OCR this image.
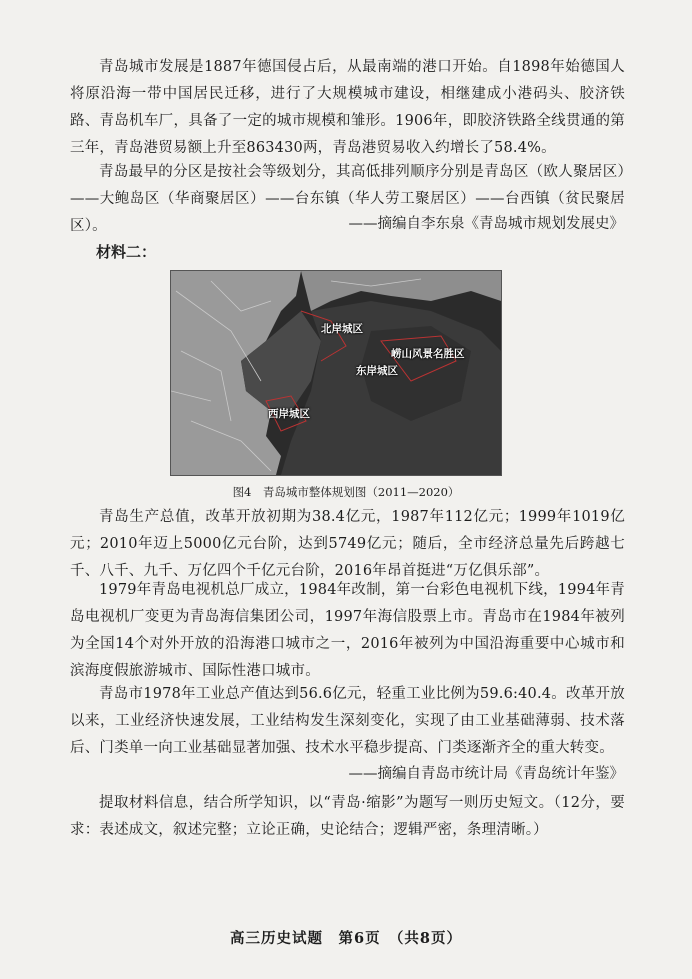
青岛城市发展是1887年德国侵占后，从最南端的港口开始。自1898年始德国人将原沿海一带中国居民迁移，进行了大规模城市建设，相继建成小港码头、胶济铁路、青岛机车厂，具备了一定的城市规模和雏形。1906年，即胶济铁路全线贯通的第三年，青岛港贸易额上升至863430两，青岛港贸易收入约增长了58.4%。

青岛最早的分区是按社会等级划分，其高低排列顺序分别是青岛区（欧人聚居区）——大鲍岛区（华商聚居区）——台东镇（华人劳工聚居区）——台西镇（贫民聚居区）。	——摘编自李东泉《青岛城市规划发展史》
材料二：
北岸城区
崂山风景名胜区
东岸城区
西岸城区
图4　青岛城市整体规划图（2011—2020）

青岛生产总值，改革开放初期为38.4亿元，1987年112亿元；1999年1019亿元；2010年迈上5000亿元台阶，达到5749亿元；随后，全市经济总量先后跨越七千、八千、九千、万亿四个千亿元台阶，2016年昂首挺进“万亿俱乐部”。

1979年青岛电视机总厂成立，1984年改制，第一台彩色电视机下线，1994年青岛电视机厂变更为青岛海信集团公司，1997年海信股票上市。青岛市在1984年被列为全国14个对外开放的沿海港口城市之一，2016年被列为中国沿海重要中心城市和滨海度假旅游城市、国际性港口城市。

青岛市1978年工业总产值达到56.6亿元，轻重工业比例为59.6:40.4。改革开放以来，工业经济快速发展，工业结构发生深刻变化，实现了由工业基础薄弱、技术落后、门类单一向工业基础显著加强、技术水平稳步提高、门类逐渐齐全的重大转变。

——摘编自青岛市统计局《青岛统计年鉴》

提取材料信息，结合所学知识，以“青岛·缩影”为题写一则历史短文。（12分，要求：表述成文，叙述完整；立论正确，史论结合；逻辑严密，条理清晰。）

高三历史试题　第6页　（共8页）
